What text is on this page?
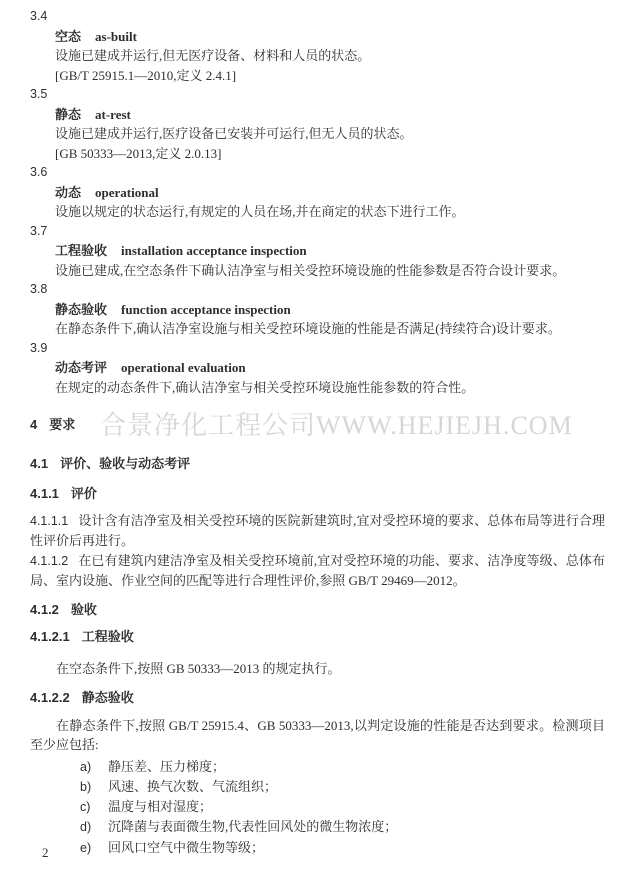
3.4
空态 as-built
设施已建成并运行,但无医疗设备、材料和人员的状态。
[GB/T 25915.1—2010,定义 2.4.1]
3.5
静态 at-rest
设施已建成并运行,医疗设备已安装并可运行,但无人员的状态。
[GB 50333—2013,定义 2.0.13]
3.6
动态 operational
设施以规定的状态运行,有规定的人员在场,并在商定的状态下进行工作。
3.7
工程验收 installation acceptance inspection
设施已建成,在空态条件下确认洁净室与相关受控环境设施的性能参数是否符合设计要求。
3.8
静态验收 function acceptance inspection
在静态条件下,确认洁净室设施与相关受控环境设施的性能是否满足(持续符合)设计要求。
3.9
动态考评 operational evaluation
在规定的动态条件下,确认洁净室与相关受控环境设施性能参数的符合性。
4 要求
4.1 评价、验收与动态考评
4.1.1 评价
4.1.1.1 设计含有洁净室及相关受控环境的医院新建筑时,宜对受控环境的要求、总体布局等进行合理性评价后再进行。
4.1.1.2 在已有建筑内建洁净室及相关受控环境前,宜对受控环境的功能、要求、洁净度等级、总体布局、室内设施、作业空间的匹配等进行合理性评价,参照 GB/T 29469—2012。
4.1.2 验收
4.1.2.1 工程验收
在空态条件下,按照 GB 50333—2013 的规定执行。
4.1.2.2 静态验收
在静态条件下,按照 GB/T 25915.4、GB 50333—2013,以判定设施的性能是否达到要求。检测项目至少应包括:
a) 静压差、压力梯度；
b) 风速、换气次数、气流组织；
c) 温度与相对湿度；
d) 沉降菌与表面微生物,代表性回风处的微生物浓度；
e) 回风口空气中微生物等级；
合景净化工程公司WWW.HEJIEJH.COM
2
